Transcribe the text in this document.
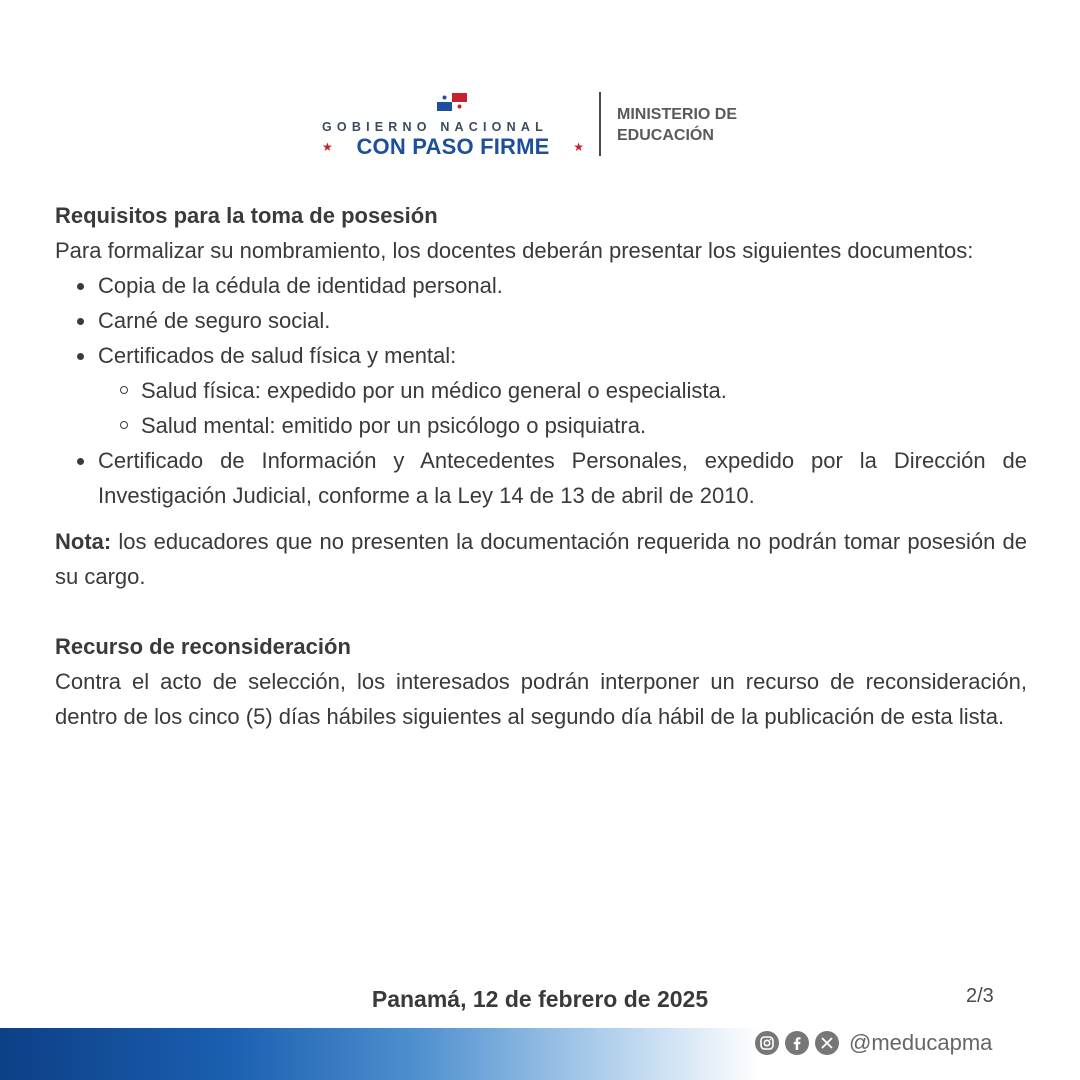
GOBIERNO NACIONAL
★ CON PASO FIRME ★
MINISTERIO DE
EDUCACIÓN
Requisitos para la toma de posesión
Para formalizar su nombramiento, los docentes deberán presentar los siguientes documentos:
Copia de la cédula de identidad personal.
Carné de seguro social.
Certificados de salud física y mental:
Salud física: expedido por un médico general o especialista.
Salud mental: emitido por un psicólogo o psiquiatra.
Certificado de Información y Antecedentes Personales, expedido por la Dirección de Investigación Judicial, conforme a la Ley 14 de 13 de abril de 2010.
Nota: los educadores que no presenten la documentación requerida no podrán tomar posesión de su cargo.
Recurso de reconsideración
Contra el acto de selección, los interesados podrán interponer un recurso de reconsideración, dentro de los cinco (5) días hábiles siguientes al segundo día hábil de la publicación de esta lista.
Panamá, 12 de febrero de 2025	2/3
@meducapma
